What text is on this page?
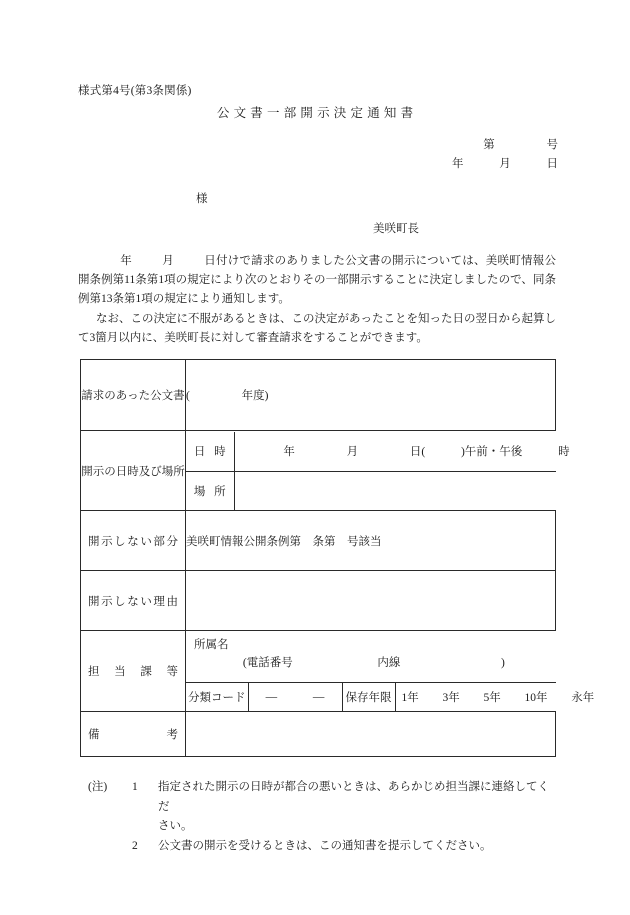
様式第4号(第3条関係)
公文書一部開示決定通知書
第	号
年	月	日
様
美咲町長

年	月	日付けで請求のありました公文書の開示については、美咲町情報公開条例第11条第1項の規定により次のとおりその一部開示することに決定しましたので、同条例第13条第1項の規定により通知します。

なお、この決定に不服があるときは、この決定があったことを知った日の翌日から起算して3箇月以内に、美咲町長に対して審査請求をすることができます。

請求のあった公文書	(	年度)
開示の日時及び場所	
日 時	年	月	日(	)午前・午後	時
場 所	

開示しない部分	美咲町情報公開条例第　条第　号該当
開示しない理由	
担当課等	
所属名
(電話番号	内線	)

分類コード	—	—	保存年限	1年 3年 5年 10年 永年

備考	
(注)	1	指定された開示の日時が都合の悪いときは、あらかじめ担当課に連絡してくだ
さい。
2	公文書の開示を受けるときは、この通知書を提示してください。
